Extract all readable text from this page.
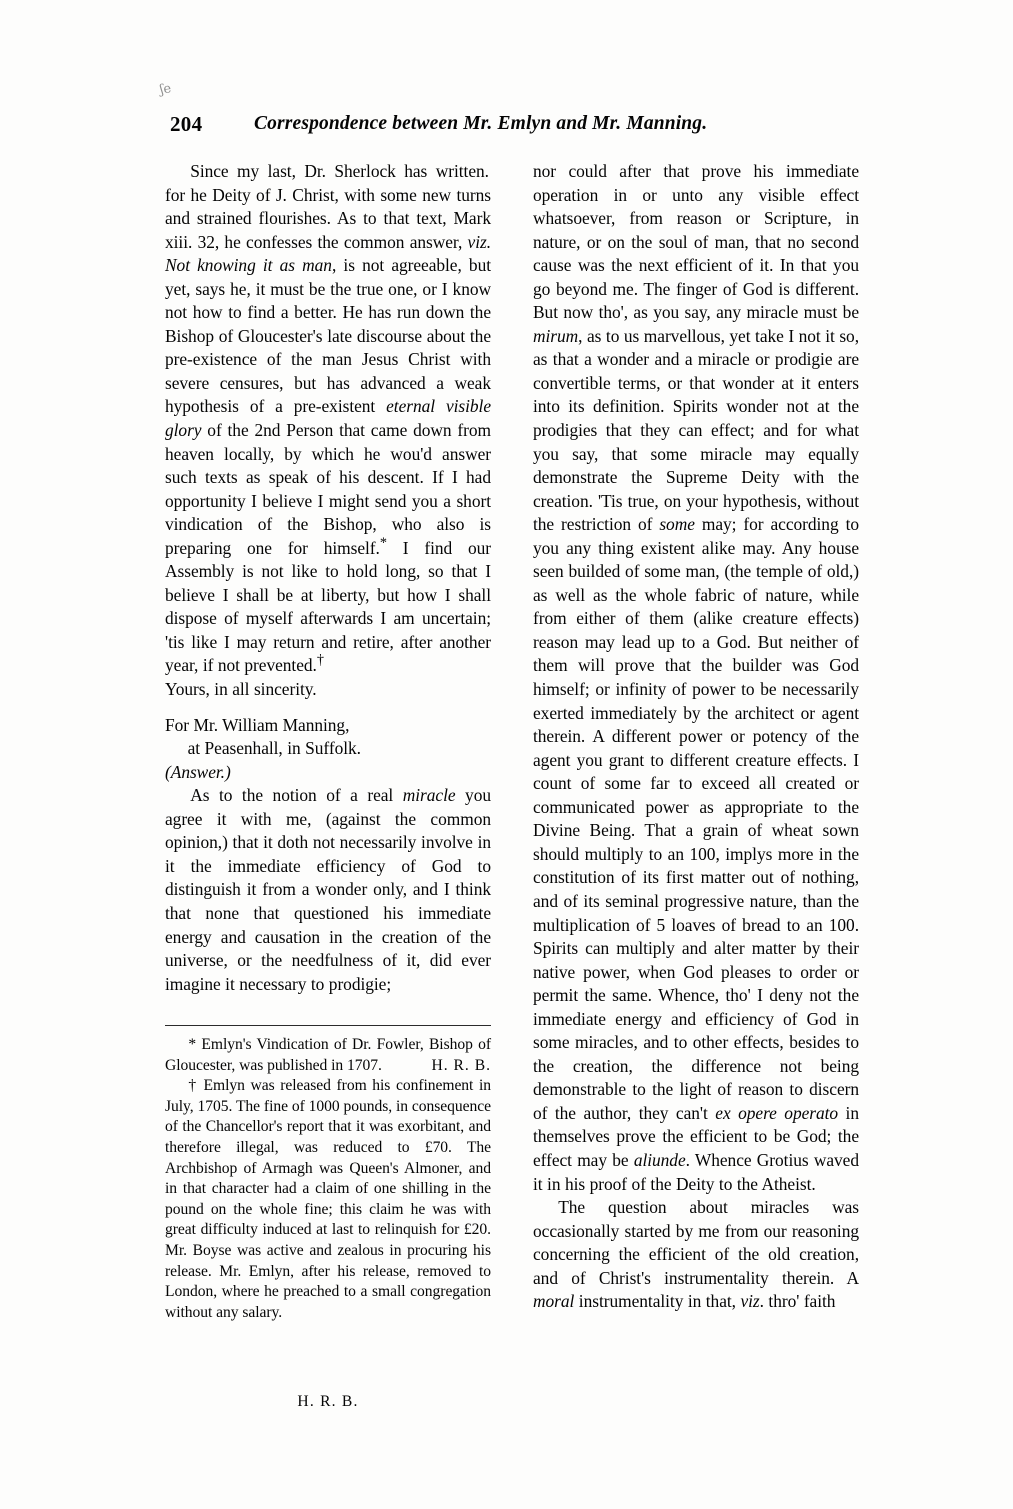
ʃе
204	Correspondence between Mr. Emlyn and Mr. Manning.

Since my last, Dr. Sherlock has written. for he Deity of J. Christ, with some new turns and strained flourishes. As to that text, Mark xiii. 32, he confesses the common answer, viz. Not knowing it as man, is not agreeable, but yet, says he, it must be the true one, or I know not how to find a better. He has run down the Bishop of Gloucester's late discourse about the pre-existence of the man Jesus Christ with severe censures, but has advanced a weak hypothesis of a pre-existent eternal visible glory of the 2nd Person that came down from heaven locally, by which he wou'd answer such texts as speak of his descent. If I had opportunity I believe I might send you a short vindication of the Bishop, who also is preparing one for himself.* I find our Assembly is not like to hold long, so that I believe I shall be at liberty, but how I shall dispose of myself afterwards I am uncertain; 'tis like I may return and retire, after another year, if not prevented.†

Yours, in all sincerity.

For Mr. William Manning,
at Peasenhall, in Suffolk.

(Answer.)

As to the notion of a real miracle you agree it with me, (against the common opinion,) that it doth not necessarily involve in it the immediate efficiency of God to distinguish it from a wonder only, and I think that none that questioned his immediate energy and causation in the creation of the universe, or the needfulness of it, did ever imagine it necessary to prodigie;

* Emlyn's Vindication of Dr. Fowler, Bishop of Gloucester, was published in 1707.	H. R. B.

† Emlyn was released from his confinement in July, 1705. The fine of 1000 pounds, in consequence of the Chancellor's report that it was exorbitant, and therefore illegal, was reduced to £70. The Archbishop of Armagh was Queen's Almoner, and in that character had a claim of one shilling in the pound on the whole fine; this claim he was with great difficulty induced at last to relinquish for £20. Mr. Boyse was active and zealous in procuring his release. Mr. Emlyn, after his release, removed to London, where he preached to a small congregation without any salary.

H. R. B.

nor could after that prove his immediate operation in or unto any visible effect whatsoever, from reason or Scripture, in nature, or on the soul of man, that no second cause was the next efficient of it. In that you go beyond me. The finger of God is different. But now tho', as you say, any miracle must be mirum, as to us marvellous, yet take I not it so, as that a wonder and a miracle or prodigie are convertible terms, or that wonder at it enters into its definition. Spirits wonder not at the prodigies that they can effect; and for what you say, that some miracle may equally demonstrate the Supreme Deity with the creation. 'Tis true, on your hypothesis, without the restriction of some may; for according to you any thing existent alike may. Any house seen builded of some man, (the temple of old,) as well as the whole fabric of nature, while from either of them (alike creature effects) reason may lead up to a God. But neither of them will prove that the builder was God himself; or infinity of power to be necessarily exerted immediately by the architect or agent therein. A different power or potency of the agent you grant to different creature effects. I count of some far to exceed all created or communicated power as appropriate to the Divine Being. That a grain of wheat sown should multiply to an 100, implys more in the constitution of its first matter out of nothing, and of its seminal progressive nature, than the multiplication of 5 loaves of bread to an 100. Spirits can multiply and alter matter by their native power, when God pleases to order or permit the same. Whence, tho' I deny not the immediate energy and efficiency of God in some miracles, and to other effects, besides to the creation, the difference not being demonstrable to the light of reason to discern of the author, they can't ex opere operato in themselves prove the efficient to be God; the effect may be aliunde. Whence Grotius waved it in his proof of the Deity to the Atheist.

The question about miracles was occasionally started by me from our reasoning concerning the efficient of the old creation, and of Christ's instrumentality therein. A moral instrumentality in that, viz. thro' faith
